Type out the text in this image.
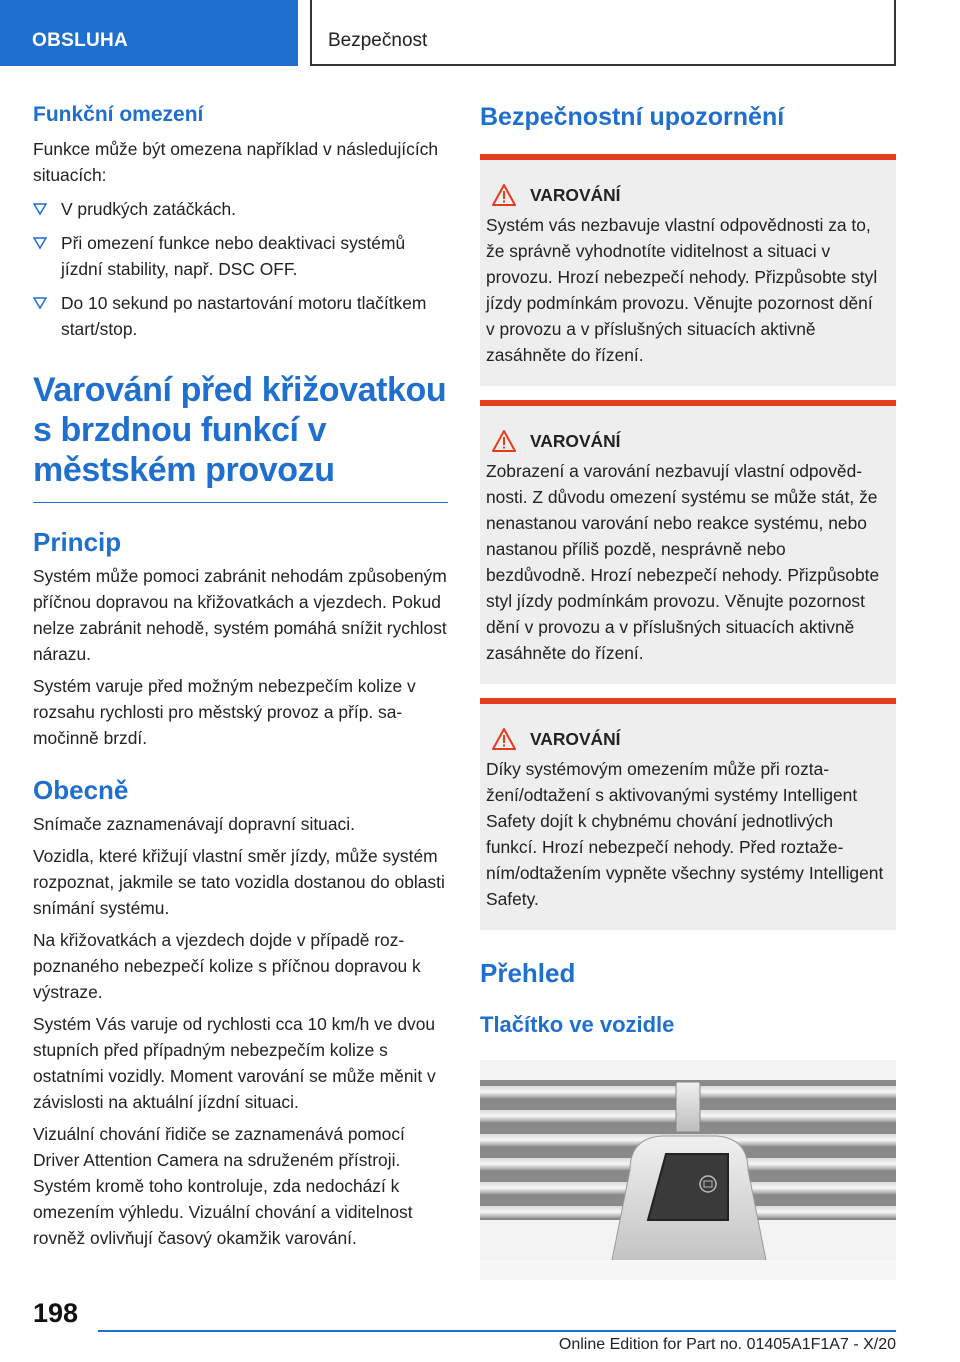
OBSLUHA	Bezpečnost
Funkční omezení

Funkce může být omezena například v následujících situacích:

V prudkých zatáčkách.
Při omezení funkce nebo deaktivaci systémů jízdní stability, např. DSC OFF.
Do 10 sekund po nastartování motoru tlačítkem start/stop.
Varování před křižovatkou s brzdnou funkcí v městském provozu
Princip

Systém může pomoci zabránit nehodám způsobeným příčnou dopravou na křižovatkách a vjezdech. Pokud nelze zabránit nehodě, systém pomáhá snížit rychlost nárazu.

Systém varuje před možným nebezpečím kolize v rozsahu rychlosti pro městský provoz a příp. samočinně brzdí.

Obecně

Snímače zaznamenávají dopravní situaci.

Vozidla, které křižují vlastní směr jízdy, může systém rozpoznat, jakmile se tato vozidla dostanou do oblasti snímání systému.

Na křižovatkách a vjezdech dojde v případě rozpoznaného nebezpečí kolize s příčnou dopravou k výstraze.

Systém Vás varuje od rychlosti cca 10 km/h ve dvou stupních před případným nebezpečím kolize s ostatními vozidly. Moment varování se může měnit v závislosti na aktuální jízdní situaci.

Vizuální chování řidiče se zaznamenává pomocí Driver Attention Camera na sdruženém přístroji. Systém kromě toho kontroluje, zda nedochází k omezením výhledu. Vizuální chování a viditelnost rovněž ovlivňují časový okamžik varování.

Bezpečnostní upozornění
VAROVÁNÍ

Systém vás nezbavuje vlastní odpovědnosti za to, že správně vyhodnotíte viditelnost a situaci v provozu. Hrozí nebezpečí nehody. Přizpůsobte styl jízdy podmínkám provozu. Věnujte pozornost dění v provozu a v příslušných situacích aktivně zasáhněte do řízení.

VAROVÁNÍ

Zobrazení a varování nezbavují vlastní odpovědnosti. Z důvodu omezení systému se může stát, že nenastanou varování nebo reakce systému, nebo nastanou příliš pozdě, nesprávně nebo bezdůvodně. Hrozí nebezpečí nehody. Přizpůsobte styl jízdy podmínkám provozu. Věnujte pozornost dění v provozu a v příslušných situacích aktivně zasáhněte do řízení.

VAROVÁNÍ

Díky systémovým omezením může při roztažení/odtažení s aktivovanými systémy Intelligent Safety dojít k chybnému chování jednotlivých funkcí. Hrozí nebezpečí nehody. Před roztažením/odtažením vypněte všechny systémy Intelligent Safety.

Přehled
Tlačítko ve vozidle
198
Online Edition for Part no. 01405A1F1A7 - X/20
